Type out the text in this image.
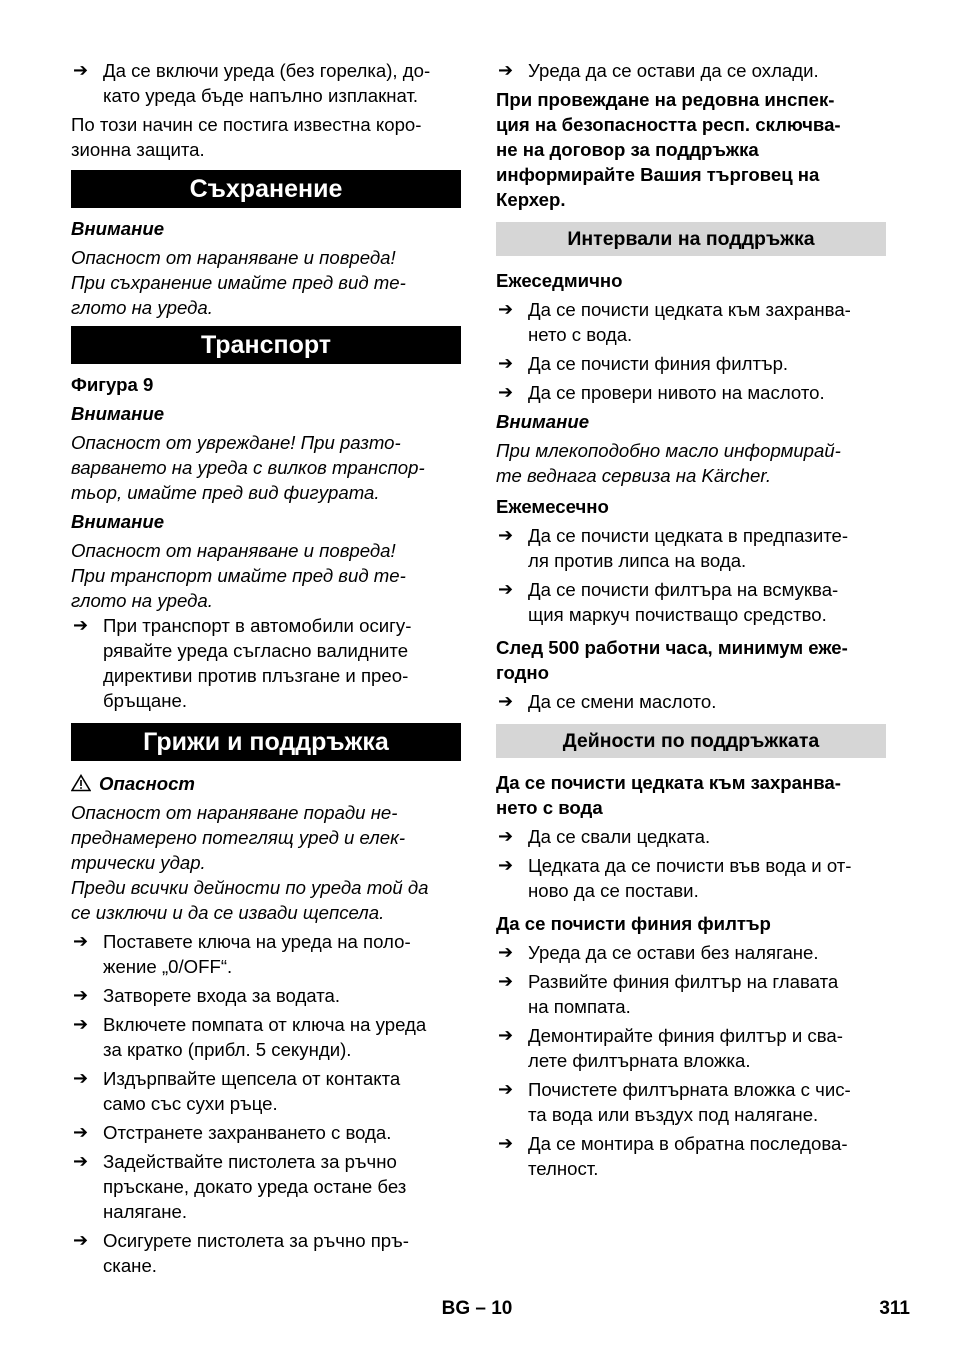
➔ Да се включи уреда (без горелка), до-
като уреда бъде напълно изплакнат.
По този начин се постига известна коро-
зионна защита.
Съхранение
Внимание
Опасност от нараняване и повреда!
При съхранение имайте пред вид те-
глото на уреда.
Транспорт
Фигура 9
Внимание
Опасност от увреждане! При разто-
варването на уреда с вилков транспор-
тьор, имайте пред вид фигурата.
Внимание
Опасност от нараняване и повреда!
При транспорт имайте пред вид те-
глото на уреда.
➔ При транспорт в автомобили осигу-
рявайте уреда съгласно валидните
директиви против плъзгане и прео-
бръщане.
Грижи и поддръжка
Опасност
Опасност от нараняване поради не-
преднамерено потеглящ уред и елек-
трически удар.
Преди всички дейности по уреда той да
се изключи и да се извади щепсела.
➔ Поставете ключа на уреда на поло-
жение „0/OFF“.
➔ Затворете входа за водата.
➔ Включете помпата от ключа на уреда
за кратко (прибл. 5 секунди).
➔ Издърпвайте щепсела от контакта
само със сухи ръце.
➔ Отстранете захранването с вода.
➔ Задействайте пистолета за ръчно
пръскане, докато уреда остане без
налягане.
➔ Осигурете пистолета за ръчно пръ-
скане.
➔ Уреда да се остави да се охлади.
При провеждане на редовна инспек-
ция на безопасността респ. сключва-
не на договор за поддръжка
информирайте Вашия търговец на
Керхер.
Интервали на поддръжка
Ежеседмично
➔ Да се почисти цедката към захранва-
нето с вода.
➔ Да се почисти финия филтър.
➔ Да се провери нивото на маслото.
Внимание
При млекоподобно масло информирай-
те веднага сервиза на Kärcher.
Ежемесечно
➔ Да се почисти цедката в предпазите-
ля против липса на вода.
➔ Да се почисти филтъра на всмуква-
щия маркуч почистващо средство.
След 500 работни часа, минимум еже- годно
➔ Да се смени маслото.
Дейности по поддръжката
Да се почисти цедката към захранва-
нето с вода
➔ Да се свали цедката.
➔ Цедката да се почисти във вода и от-
ново да се постави.
Да се почисти финия филтър
➔ Уреда да се остави без налягане.
➔ Развийте финия филтър на главата
на помпата.
➔ Демонтирайте финия филтър и сва-
лете филтърната вложка.
➔ Почистете филтърната вложка с чис-
та вода или въздух под налягане.
➔ Да се монтира в обратна последова-
телност.
BG – 10	311
